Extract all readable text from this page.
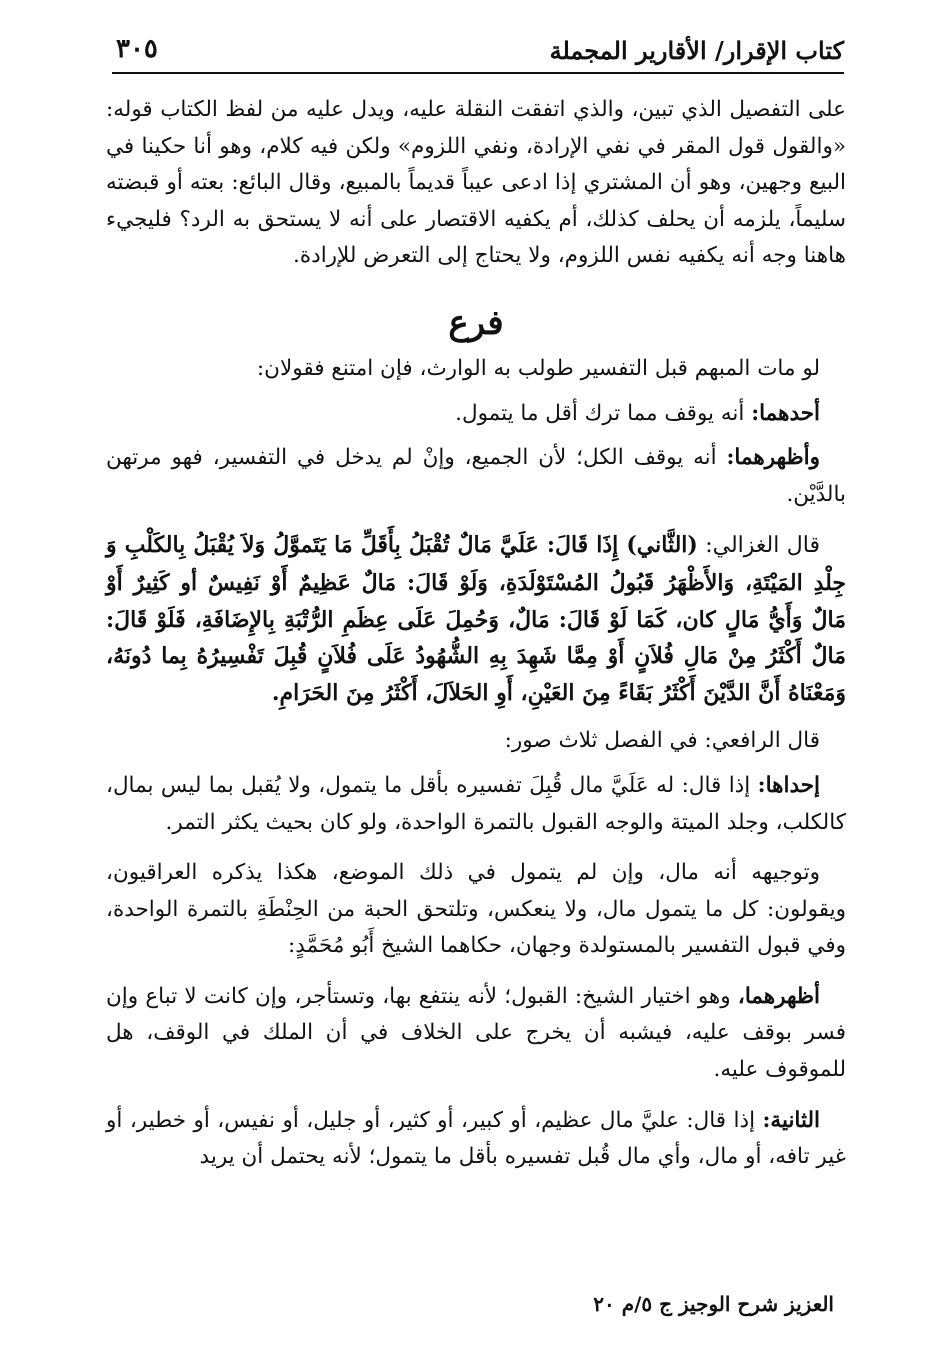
كتاب الإقرار/ الأقارير المجملة
٣٠٥

على التفصيل الذي تبين، والذي اتفقت النقلة عليه، ويدل عليه من لفظ الكتاب قوله: «والقول قول المقر في نفي الإرادة، ونفي اللزوم» ولكن فيه كلام، وهو أنا حكينا في البيع وجهين، وهو أن المشتري إذا ادعى عيباً قديماً بالمبيع، وقال البائع: بعته أو قبضته سليماً، يلزمه أن يحلف كذلك، أم يكفيه الاقتصار على أنه لا يستحق به الرد؟ فليجيء هاهنا وجه أنه يكفيه نفس اللزوم، ولا يحتاج إلى التعرض للإرادة.

فرع

لو مات المبهم قبل التفسير طولب به الوارث، فإن امتنع فقولان:

أحدهما: أنه يوقف مما ترك أقل ما يتمول.

وأظهرهما: أنه يوقف الكل؛ لأن الجميع، وإنْ لم يدخل في التفسير، فهو مرتهن بالدَّيْن.

قال الغزالي: (الثَّاني) إِذَا قَالَ: عَلَيَّ مَالٌ تُقْبَلُ بِأَقَلِّ مَا يَتَموَّلُ وَلاَ يُقْبَلُ بِالكَلْبِ وَ جِلْدِ المَيْتَةِ، وَالأَظْهَرُ قَبُولُ المُسْتَوْلَدَةِ، وَلَوْ قَالَ: مَالٌ عَظِيمٌ أَوْ نَفِيسٌ أو كَثِيرٌ أَوْ مَالٌ وَأَيُّ مَالٍ كان، كَمَا لَوْ قَالَ: مَالٌ، وَحُمِلَ عَلَى عِظَمِ الرُّتْبَةِ بِالإِضَافَةِ، فَلَوْ قَالَ: مَالٌ أَكْثَرُ مِنْ مَالِ فُلاَنٍ أَوْ مِمَّا شَهِدَ بِهِ الشُّهُودُ عَلَى فُلاَنٍ قُبِلَ تَفْسِيرُهُ بِما دُونَهُ، وَمَعْنَاهُ أَنَّ الدَّيْنَ أَكْثَرُ بَقَاءً مِنَ العَيْنِ، أَوِ الحَلاَلَ، أَكْثَرُ مِنَ الحَرَامِ.

قال الرافعي: في الفصل ثلاث صور:

إحداها: إذا قال: له عَلَيَّ مال قُبِلَ تفسيره بأقل ما يتمول، ولا يُقبل بما ليس بمال، كالكلب، وجلد الميتة والوجه القبول بالتمرة الواحدة، ولو كان بحيث يكثر التمر.

وتوجيهه أنه مال، وإن لم يتمول في ذلك الموضع، هكذا يذكره العراقيون، ويقولون: كل ما يتمول مال، ولا ينعكس، وتلتحق الحبة من الحِنْطَةِ بالتمرة الواحدة، وفي قبول التفسير بالمستولدة وجهان، حكاهما الشيخ أَبُو مُحَمَّدٍ:

أظهرهما، وهو اختيار الشيخ: القبول؛ لأنه ينتفع بها، وتستأجر، وإن كانت لا تباع وإن فسر بوقف عليه، فيشبه أن يخرج على الخلاف في أن الملك في الوقف، هل للموقوف عليه.

الثانية: إذا قال: عليَّ مال عظيم، أو كبير، أو كثير، أو جليل، أو نفيس، أو خطير، أو غير تافه، أو مال، وأي مال قُبل تفسيره بأقل ما يتمول؛ لأنه يحتمل أن يريد

العزيز شرح الوجيز ج ٥/م ٢٠
